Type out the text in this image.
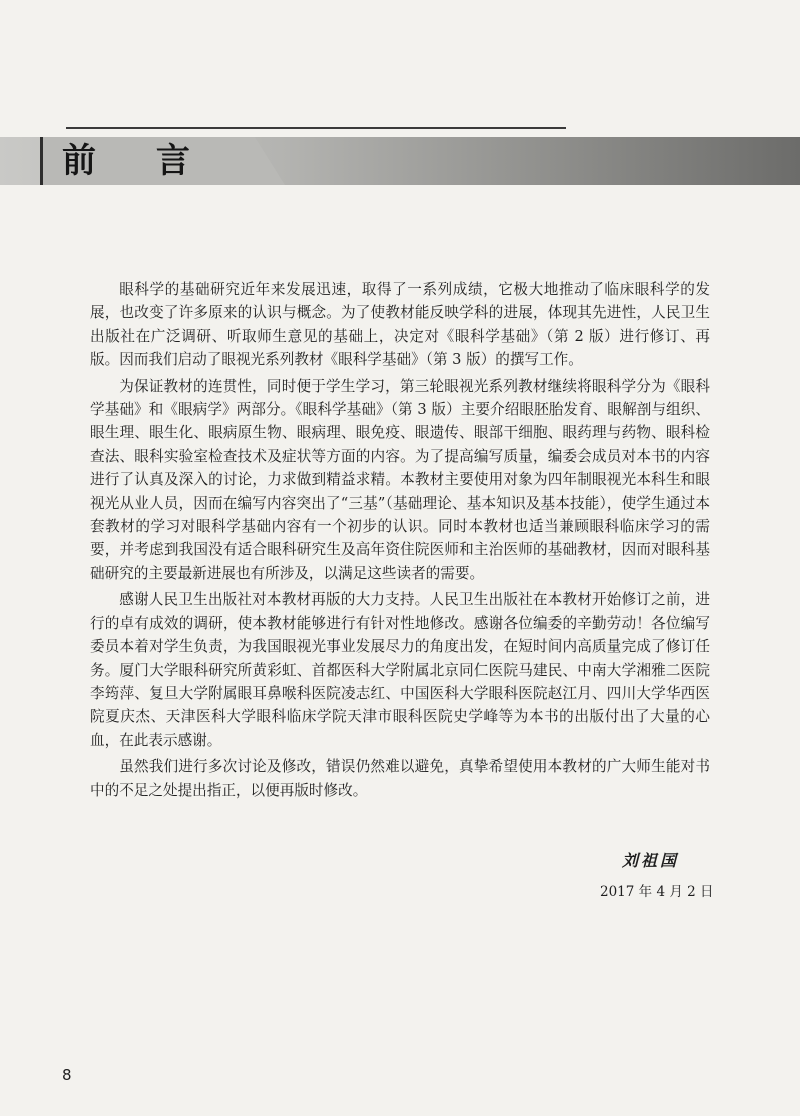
前 言

眼科学的基础研究近年来发展迅速，取得了一系列成绩，它极大地推动了临床眼科学的发展，也改变了许多原来的认识与概念。为了使教材能反映学科的进展，体现其先进性，人民卫生出版社在广泛调研、听取师生意见的基础上，决定对《眼科学基础》（第 2 版）进行修订、再版。因而我们启动了眼视光系列教材《眼科学基础》（第 3 版）的撰写工作。

为保证教材的连贯性，同时便于学生学习，第三轮眼视光系列教材继续将眼科学分为《眼科学基础》和《眼病学》两部分。《眼科学基础》（第 3 版）主要介绍眼胚胎发育、眼解剖与组织、眼生理、眼生化、眼病原生物、眼病理、眼免疫、眼遗传、眼部干细胞、眼药理与药物、眼科检查法、眼科实验室检查技术及症状等方面的内容。为了提高编写质量，编委会成员对本书的内容进行了认真及深入的讨论，力求做到精益求精。本教材主要使用对象为四年制眼视光本科生和眼视光从业人员，因而在编写内容突出了“三基”（基础理论、基本知识及基本技能），使学生通过本套教材的学习对眼科学基础内容有一个初步的认识。同时本教材也适当兼顾眼科临床学习的需要，并考虑到我国没有适合眼科研究生及高年资住院医师和主治医师的基础教材，因而对眼科基础研究的主要最新进展也有所涉及，以满足这些读者的需要。

感谢人民卫生出版社对本教材再版的大力支持。人民卫生出版社在本教材开始修订之前，进行的卓有成效的调研，使本教材能够进行有针对性地修改。感谢各位编委的辛勤劳动！各位编写委员本着对学生负责，为我国眼视光事业发展尽力的角度出发，在短时间内高质量完成了修订任务。厦门大学眼科研究所黄彩虹、首都医科大学附属北京同仁医院马建民、中南大学湘雅二医院李筠萍、复旦大学附属眼耳鼻喉科医院凌志红、中国医科大学眼科医院赵江月、四川大学华西医院夏庆杰、天津医科大学眼科临床学院天津市眼科医院史学峰等为本书的出版付出了大量的心血，在此表示感谢。

虽然我们进行多次讨论及修改，错误仍然难以避免，真挚希望使用本教材的广大师生能对书中的不足之处提出指正，以便再版时修改。

刘祖国
2017 年 4 月 2 日
8
